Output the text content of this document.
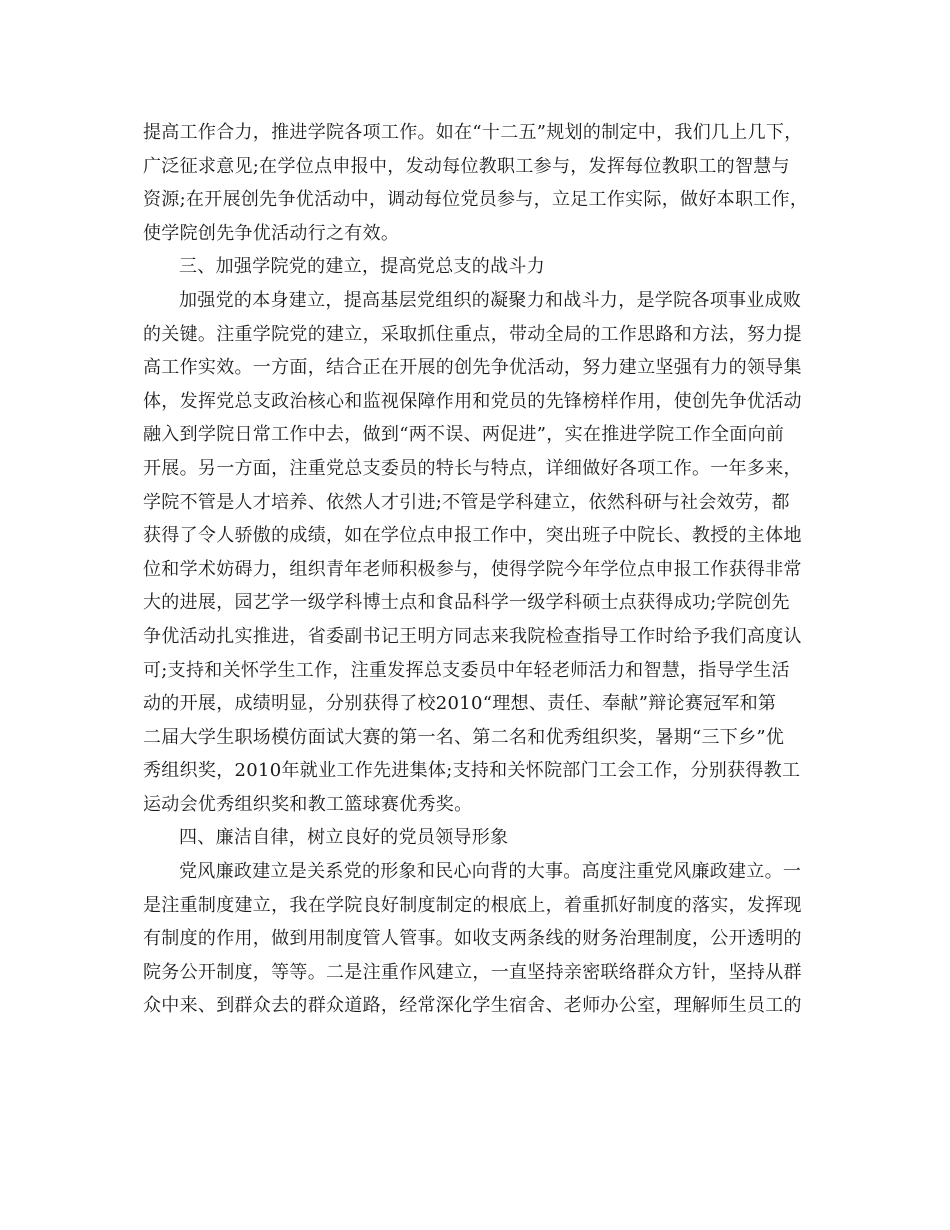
提高工作合力，推进学院各项工作。如在“十二五”规划的制定中，我们几上几下，
广泛征求意见;在学位点申报中，发动每位教职工参与，发挥每位教职工的智慧与
资源;在开展创先争优活动中，调动每位党员参与，立足工作实际，做好本职工作，
使学院创先争优活动行之有效。
三、加强学院党的建立，提高党总支的战斗力
加强党的本身建立，提高基层党组织的凝聚力和战斗力，是学院各项事业成败
的关键。注重学院党的建立，采取抓住重点，带动全局的工作思路和方法，努力提
高工作实效。一方面，结合正在开展的创先争优活动，努力建立坚强有力的领导集
体，发挥党总支政治核心和监视保障作用和党员的先锋榜样作用，使创先争优活动
融入到学院日常工作中去，做到“两不误、两促进”，实在推进学院工作全面向前
开展。另一方面，注重党总支委员的特长与特点，详细做好各项工作。一年多来，
学院不管是人才培养、依然人才引进;不管是学科建立，依然科研与社会效劳，都
获得了令人骄傲的成绩，如在学位点申报工作中，突出班子中院长、教授的主体地
位和学术妨碍力，组织青年老师积极参与，使得学院今年学位点申报工作获得非常
大的进展，园艺学一级学科博士点和食品科学一级学科硕士点获得成功;学院创先
争优活动扎实推进，省委副书记王明方同志来我院检查指导工作时给予我们高度认
可;支持和关怀学生工作，注重发挥总支委员中年轻老师活力和智慧，指导学生活
动的开展，成绩明显，分别获得了校2010“理想、责任、奉献”辩论赛冠军和第
二届大学生职场模仿面试大赛的第一名、第二名和优秀组织奖，暑期“三下乡”优
秀组织奖，2010年就业工作先进集体;支持和关怀院部门工会工作，分别获得教工
运动会优秀组织奖和教工篮球赛优秀奖。
四、廉洁自律，树立良好的党员领导形象
党风廉政建立是关系党的形象和民心向背的大事。高度注重党风廉政建立。一
是注重制度建立，我在学院良好制度制定的根底上，着重抓好制度的落实，发挥现
有制度的作用，做到用制度管人管事。如收支两条线的财务治理制度，公开透明的
院务公开制度，等等。二是注重作风建立，一直坚持亲密联络群众方针，坚持从群
众中来、到群众去的群众道路，经常深化学生宿舍、老师办公室，理解师生员工的
